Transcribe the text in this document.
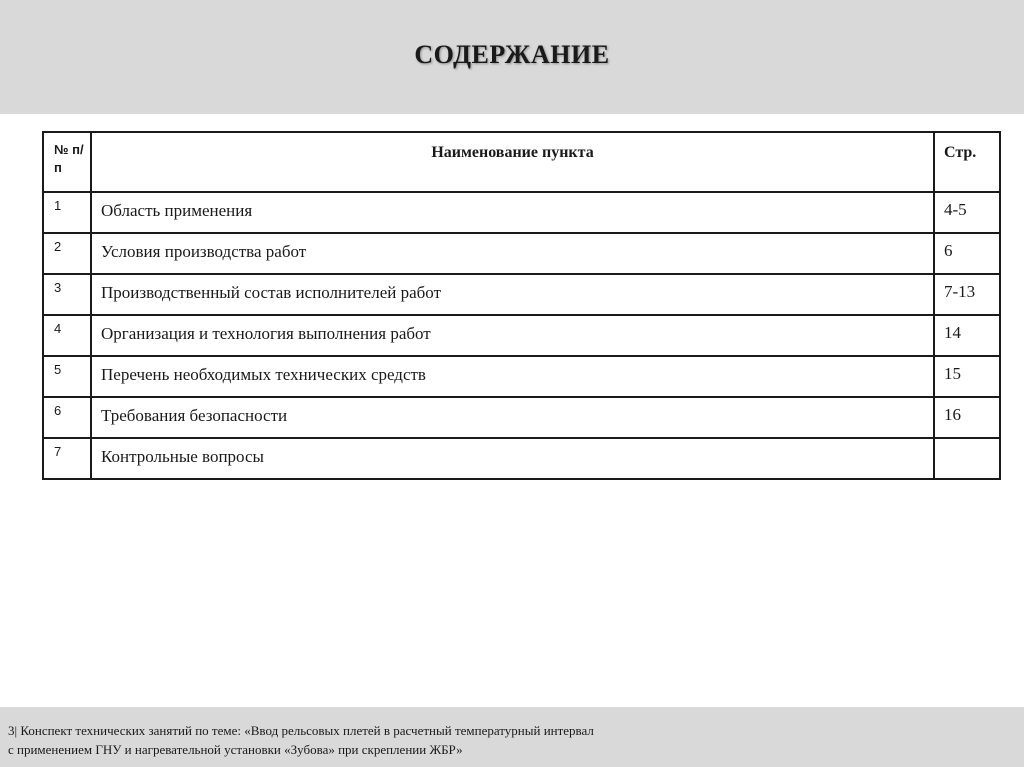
СОДЕРЖАНИЕ
№ п/п	Наименование пункта	Стр.
1	Область применения	4-5
2	Условия производства работ	6
3	Производственный состав исполнителей работ	7-13
4	Организация и технология выполнения работ	14
5	Перечень необходимых технических средств	15
6	Требования безопасности	16
7	Контрольные вопросы	
3| Конспект технических занятий по теме: «Ввод рельсовых плетей в расчетный температурный интервал
с применением ГНУ и нагревательной установки «Зубова» при скреплении ЖБР»
